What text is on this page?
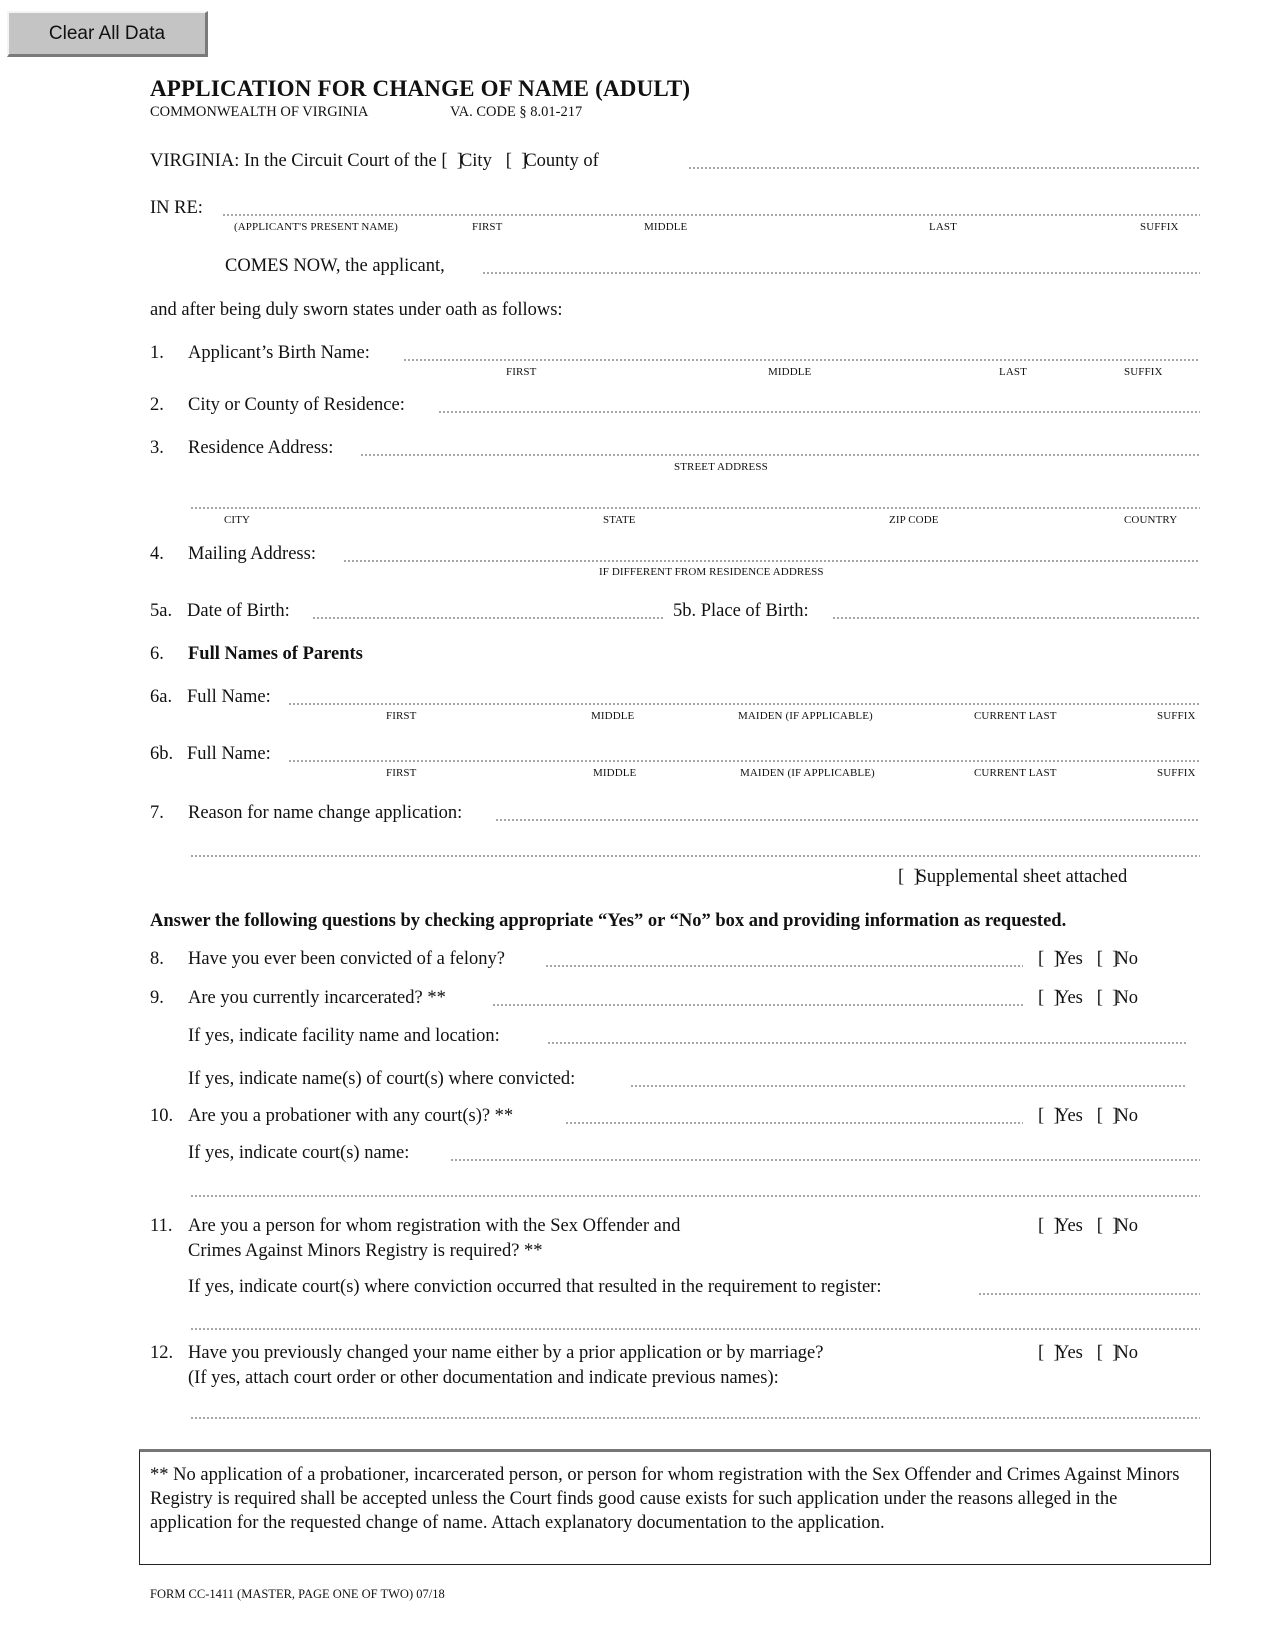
Clear All Data
APPLICATION FOR CHANGE OF NAME (ADULT)
COMMONWEALTH OF VIRGINIA	VA. CODE § 8.01-217
VIRGINIA: In the Circuit Court of the [  ] City [  ] County of
IN RE:
(APPLICANT'S PRESENT NAME)	FIRST	MIDDLE	LAST	SUFFIX
COMES NOW, the applicant,
and after being duly sworn states under oath as follows:
1. Applicant’s Birth Name:
FIRST	MIDDLE	LAST	SUFFIX
2. City or County of Residence:
3. Residence Address:
STREET ADDRESS
CITY	STATE	ZIP CODE	COUNTRY
4. Mailing Address:
IF DIFFERENT FROM RESIDENCE ADDRESS
5a. Date of Birth:	5b. Place of Birth:
6. Full Names of Parents
6a. Full Name:
FIRST	MIDDLE	MAIDEN (IF APPLICABLE)	CURRENT LAST	SUFFIX
6b. Full Name:
FIRST	MIDDLE	MAIDEN (IF APPLICABLE)	CURRENT LAST	SUFFIX
7. Reason for name change application:
[  ] Supplemental sheet attached
Answer the following questions by checking appropriate “Yes” or “No” box and providing information as requested.
8. Have you ever been convicted of a felony?	[  ] Yes [  ] No
9. Are you currently incarcerated? **	[  ] Yes [  ] No
If yes, indicate facility name and location:
If yes, indicate name(s) of court(s) where convicted:
10. Are you a probationer with any court(s)? **	[  ] Yes [  ] No
If yes, indicate court(s) name:
11. Are you a person for whom registration with the Sex Offender and
Crimes Against Minors Registry is required? **
[  ] Yes [  ] No
If yes, indicate court(s) where conviction occurred that resulted in the requirement to register:
12. Have you previously changed your name either by a prior application or by marriage?
(If yes, attach court order or other documentation and indicate previous names):
[  ] Yes [  ] No
** No application of a probationer, incarcerated person, or person for whom registration with the Sex Offender and Crimes Against Minors Registry is required shall be accepted unless the Court finds good cause exists for such application under the reasons alleged in the application for the requested change of name. Attach explanatory documentation to the application.
FORM CC-1411 (MASTER, PAGE ONE OF TWO) 07/18
